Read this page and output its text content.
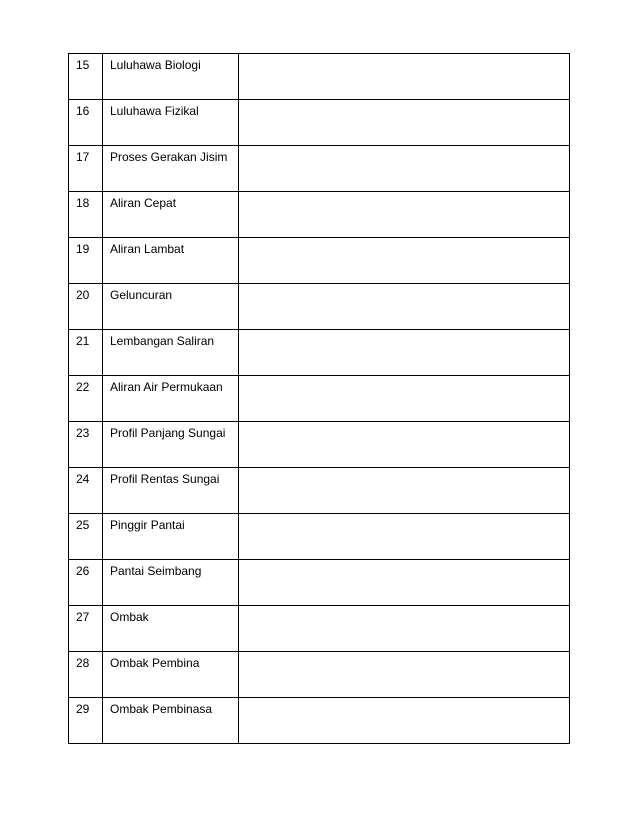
15	Luluhawa Biologi	

16	Luluhawa Fizikal	

17	Proses Gerakan Jisim	

18	Aliran Cepat	

19	Aliran Lambat	

20	Geluncuran	

21	Lembangan Saliran	

22	Aliran Air Permukaan	

23	Profil Panjang Sungai	

24	Profil Rentas Sungai	

25	Pinggir Pantai	

26	Pantai Seimbang	

27	Ombak	

28	Ombak Pembina	

29	Ombak Pembinasa	
